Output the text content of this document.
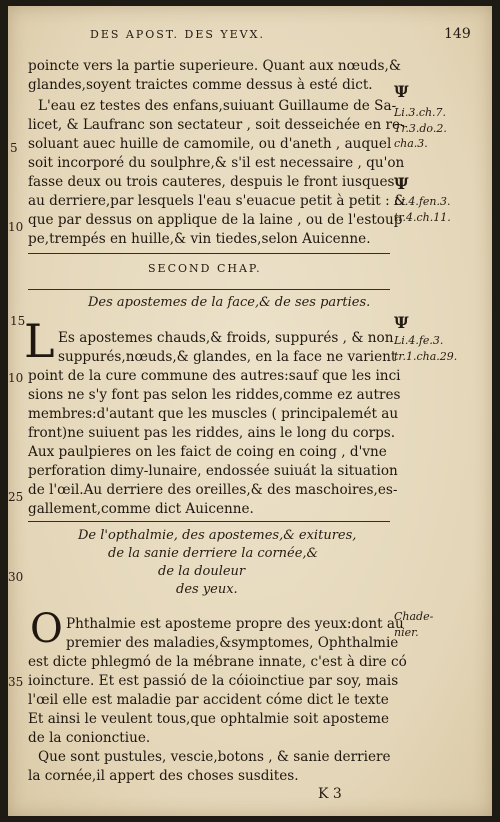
DES APOST. DES YEVX.	149
poincte vers la partie superieure. Quant aux nœuds,&
glandes,soyent traictes comme dessus à esté dict.
L'eau ez testes des enfans,suiuant Guillaume de Sa-
licet, & Laufranc son sectateur , soit desseichée en re-
soluant auec huille de camomile, ou d'aneth , auquel
soit incorporé du soulphre,& s'il est necessaire , qu'on
fasse deux ou trois cauteres, despuis le front iusques
au derriere,par lesquels l'eau s'euacue petit à petit : &
que par dessus on applique de la laine , ou de l'estoup
pe,trempés en huille,& vin tiedes,selon Auicenne.
Ψ
Li.3.ch.7.
Tr.3.do.2.
cha.3.
Ψ
Li.4.fen.3.
tr.4.ch.11.
5
10
SECOND CHAP.
Des apostemes de la face,& de ses parties.
15
L Es apostemes chauds,& froids, suppurés , & non
suppurés,nœuds,& glandes, en la face ne varient
point de la cure commune des autres:sauf que les inci
sions ne s'y font pas selon les riddes,comme ez autres
membres:d'autant que les muscles ( principalemét au
front)ne suiuent pas les riddes, ains le long du corps.
Aux paulpieres on les faict de coing en coing , d'vne
perforation dimy-lunaire, endossée suiuát la situation
de l'œil.Au derriere des oreilles,& des maschoires,es-
gallement,comme dict Auicenne.
Ψ
Li.4.fe.3.
tr.1.cha.29.
10
25
De l'opthalmie, des apostemes,& exitures,
de la sanie derriere la cornée,&
de la douleur
des yeux.
30
O Phthalmie est aposteme propre des yeux:dont au
premier des maladies,&symptomes, Ophthalmie
est dicte phlegmó de la mébrane innate, c'est à dire có
ioincture. Et est passió de la cóioinctiue par soy, mais
l'œil elle est maladie par accident cóme dict le texte
Et ainsi le veulent tous,que ophtalmie soit aposteme
de la conionctiue.
Que sont pustules, vescie,botons , & sanie derriere
la cornée,il appert des choses susdites.
Chade-
nier.
35
K 3
